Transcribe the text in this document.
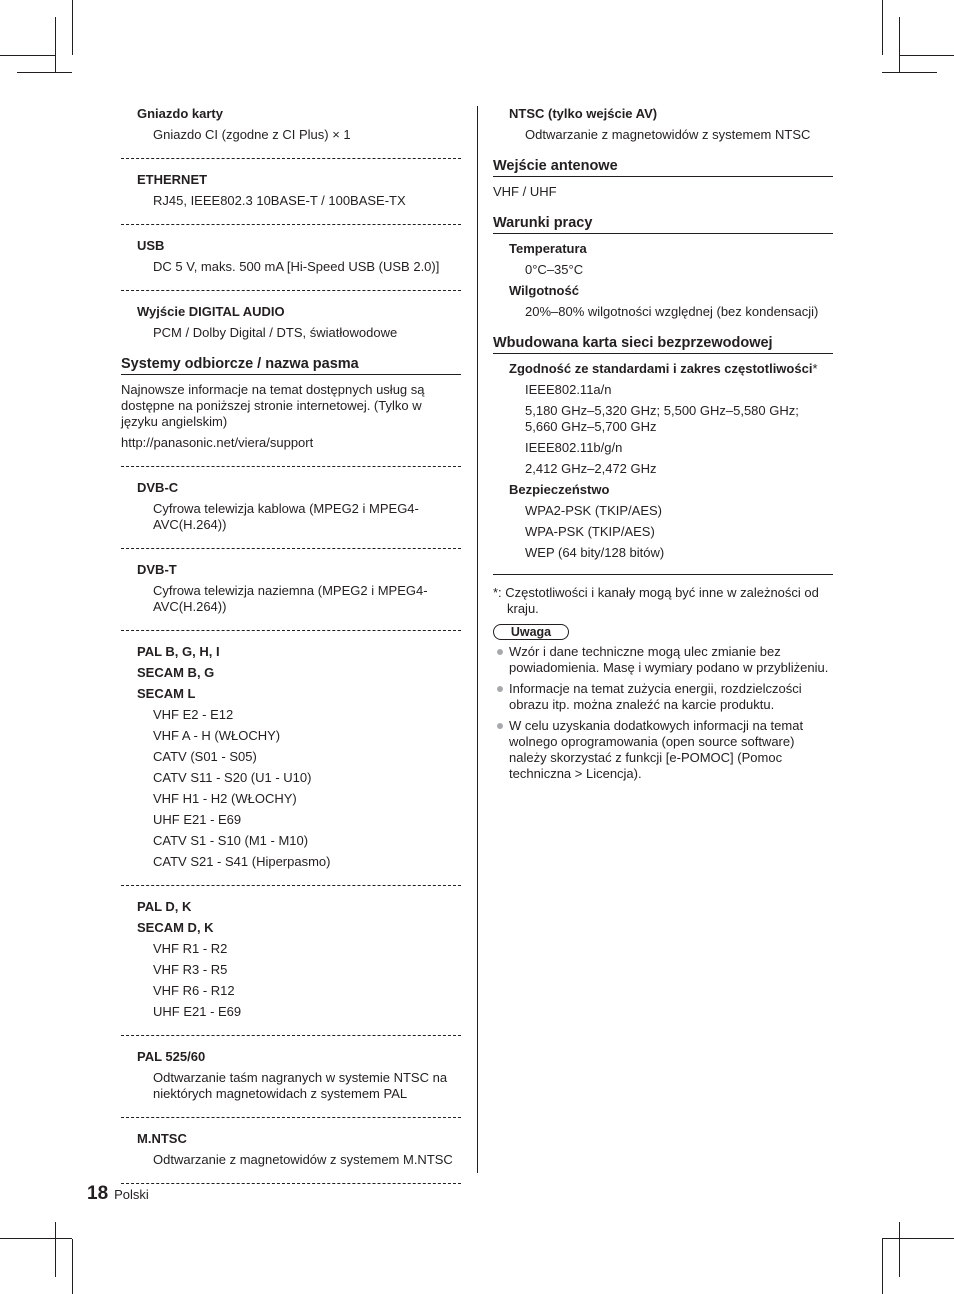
Gniazdo karty
Gniazdo CI (zgodne z CI Plus) × 1
ETHERNET
RJ45, IEEE802.3 10BASE-T / 100BASE-TX
USB
DC 5 V, maks. 500 mA [Hi-Speed USB (USB 2.0)]
Wyjście DIGITAL AUDIO
PCM / Dolby Digital / DTS, światłowodowe
Systemy odbiorcze / nazwa pasma
Najnowsze informacje na temat dostępnych usług są dostępne na poniższej stronie internetowej. (Tylko w języku angielskim)
http://panasonic.net/viera/support
DVB-C
Cyfrowa telewizja kablowa (MPEG2 i MPEG4-AVC(H.264))
DVB-T
Cyfrowa telewizja naziemna (MPEG2 i MPEG4-AVC(H.264))
PAL B, G, H, I
SECAM B, G
SECAM L
VHF E2 - E12
VHF A - H (WŁOCHY)
CATV (S01 - S05)
CATV S11 - S20 (U1 - U10)
VHF H1 - H2 (WŁOCHY)
UHF E21 - E69
CATV S1 - S10 (M1 - M10)
CATV S21 - S41 (Hiperpasmo)
PAL D, K
SECAM D, K
VHF R1 - R2
VHF R3 - R5
VHF R6 - R12
UHF E21 - E69
PAL 525/60
Odtwarzanie taśm nagranych w systemie NTSC na niektórych magnetowidach z systemem PAL
M.NTSC
Odtwarzanie z magnetowidów z systemem M.NTSC
NTSC (tylko wejście AV)
Odtwarzanie z magnetowidów z systemem NTSC
Wejście antenowe
VHF / UHF
Warunki pracy
Temperatura
0°C–35°C
Wilgotność
20%–80% wilgotności względnej (bez kondensacji)
Wbudowana karta sieci bezprzewodowej
Zgodność ze standardami i zakres częstotliwości*
IEEE802.11a/n
5,180 GHz–5,320 GHz; 5,500 GHz–5,580 GHz; 5,660 GHz–5,700 GHz
IEEE802.11b/g/n
2,412 GHz–2,472 GHz
Bezpieczeństwo
WPA2-PSK (TKIP/AES)
WPA-PSK (TKIP/AES)
WEP (64 bity/128 bitów)
*: Częstotliwości i kanały mogą być inne w zależności od kraju.
Uwaga
Wzór i dane techniczne mogą ulec zmianie bez powiadomienia. Masę i wymiary podano w przybliżeniu.
Informacje na temat zużycia energii, rozdzielczości obrazu itp. można znaleźć na karcie produktu.
W celu uzyskania dodatkowych informacji na temat wolnego oprogramowania (open source software) należy skorzystać z funkcji [e-POMOC] (Pomoc techniczna > Licencja).
18 Polski
